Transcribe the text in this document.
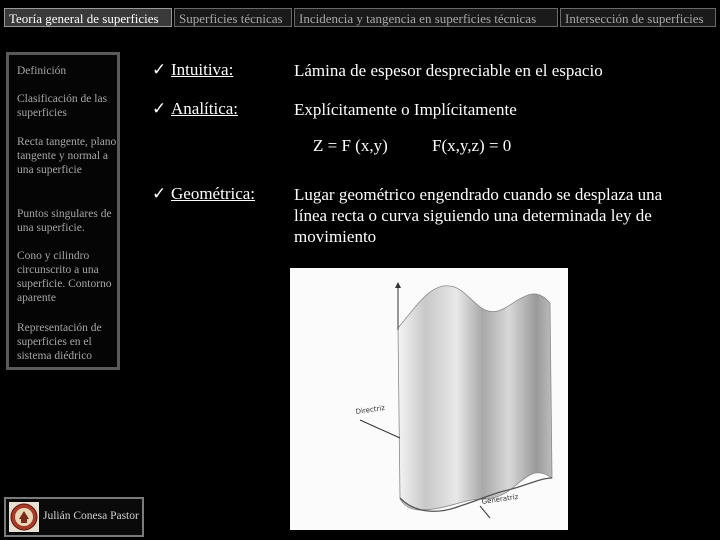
Teoría general de superficies	Superficies técnicas	Incidencia y tangencia en superficies técnicas	Intersección de superficies
Definición
Clasificación de las superficies
Recta tangente, plano tangente y normal a una superficie
Puntos singulares de una superficie.
Cono y cilindro circunscrito a una superficie. Contorno aparente
Representación de superficies en el sistema diédrico
Julián Conesa Pastor
✓ Intuitiva:	Lámina de espesor despreciable en el espacio
✓ Analítica:	Explícitamente o Implícitamente
Z = F (x,y)	F(x,y,z) = 0
✓ Geométrica: Lugar geométrico engendrado cuando se desplaza una línea recta o curva siguiendo una determinada ley de movimiento
Directriz
Generatriz
